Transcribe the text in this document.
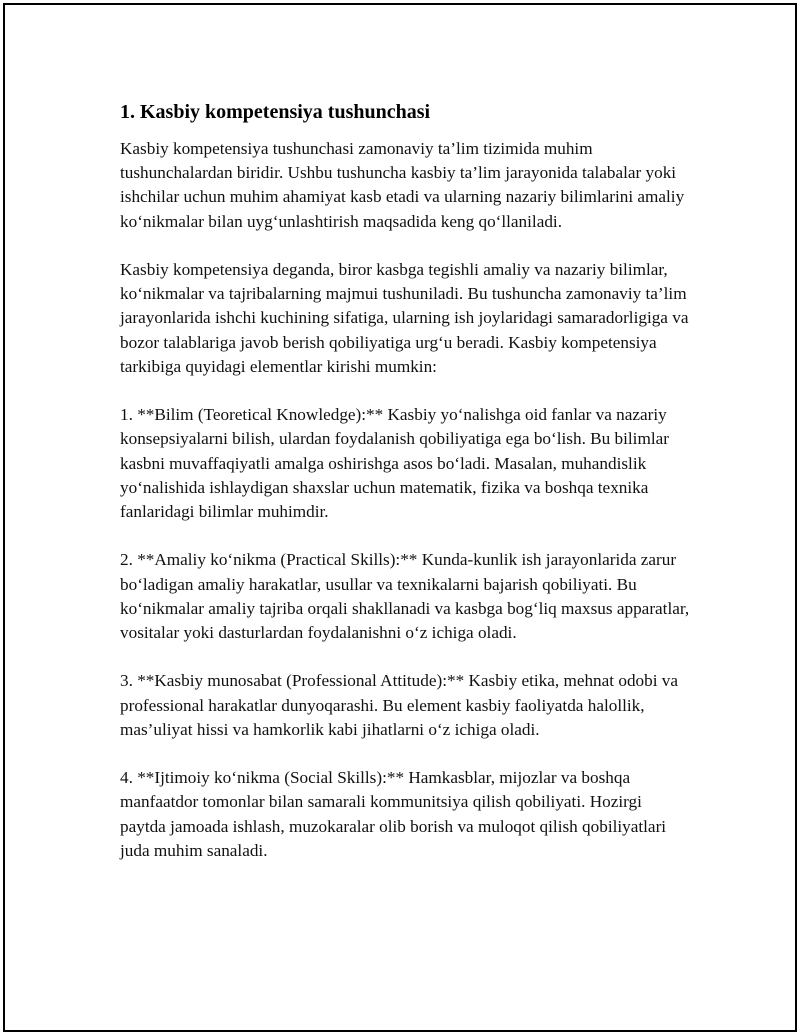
1. Kasbiy kompetensiya tushunchasi

Kasbiy kompetensiya tushunchasi zamonaviy ta’lim tizimida muhim tushunchalardan biridir. Ushbu tushuncha kasbiy ta’lim jarayonida talabalar yoki ishchilar uchun muhim ahamiyat kasb etadi va ularning nazariy bilimlarini amaliy ko‘nikmalar bilan uyg‘unlashtirish maqsadida keng qo‘llaniladi.

Kasbiy kompetensiya deganda, biror kasbga tegishli amaliy va nazariy bilimlar, ko‘nikmalar va tajribalarning majmui tushuniladi. Bu tushuncha zamonaviy ta’lim jarayonlarida ishchi kuchining sifatiga, ularning ish joylaridagi samaradorligiga va bozor talablariga javob berish qobiliyatiga urg‘u beradi. Kasbiy kompetensiya tarkibiga quyidagi elementlar kirishi mumkin:

1. **Bilim (Teoretical Knowledge):** Kasbiy yo‘nalishga oid fanlar va nazariy konsepsiyalarni bilish, ulardan foydalanish qobiliyatiga ega bo‘lish. Bu bilimlar kasbni muvaffaqiyatli amalga oshirishga asos bo‘ladi. Masalan, muhandislik yo‘nalishida ishlaydigan shaxslar uchun matematik, fizika va boshqa texnika fanlaridagi bilimlar muhimdir.

2. **Amaliy ko‘nikma (Practical Skills):** Kunda-kunlik ish jarayonlarida zarur bo‘ladigan amaliy harakatlar, usullar va texnikalarni bajarish qobiliyati. Bu ko‘nikmalar amaliy tajriba orqali shakllanadi va kasbga bog‘liq maxsus apparatlar, vositalar yoki dasturlardan foydalanishni o‘z ichiga oladi.

3. **Kasbiy munosabat (Professional Attitude):** Kasbiy etika, mehnat odobi va professional harakatlar dunyoqarashi. Bu element kasbiy faoliyatda halollik, mas’uliyat hissi va hamkorlik kabi jihatlarni o‘z ichiga oladi.

4. **Ijtimoiy ko‘nikma (Social Skills):** Hamkasblar, mijozlar va boshqa manfaatdor tomonlar bilan samarali kommunitsiya qilish qobiliyati. Hozirgi paytda jamoada ishlash, muzokaralar olib borish va muloqot qilish qobiliyatlari juda muhim sanaladi.
